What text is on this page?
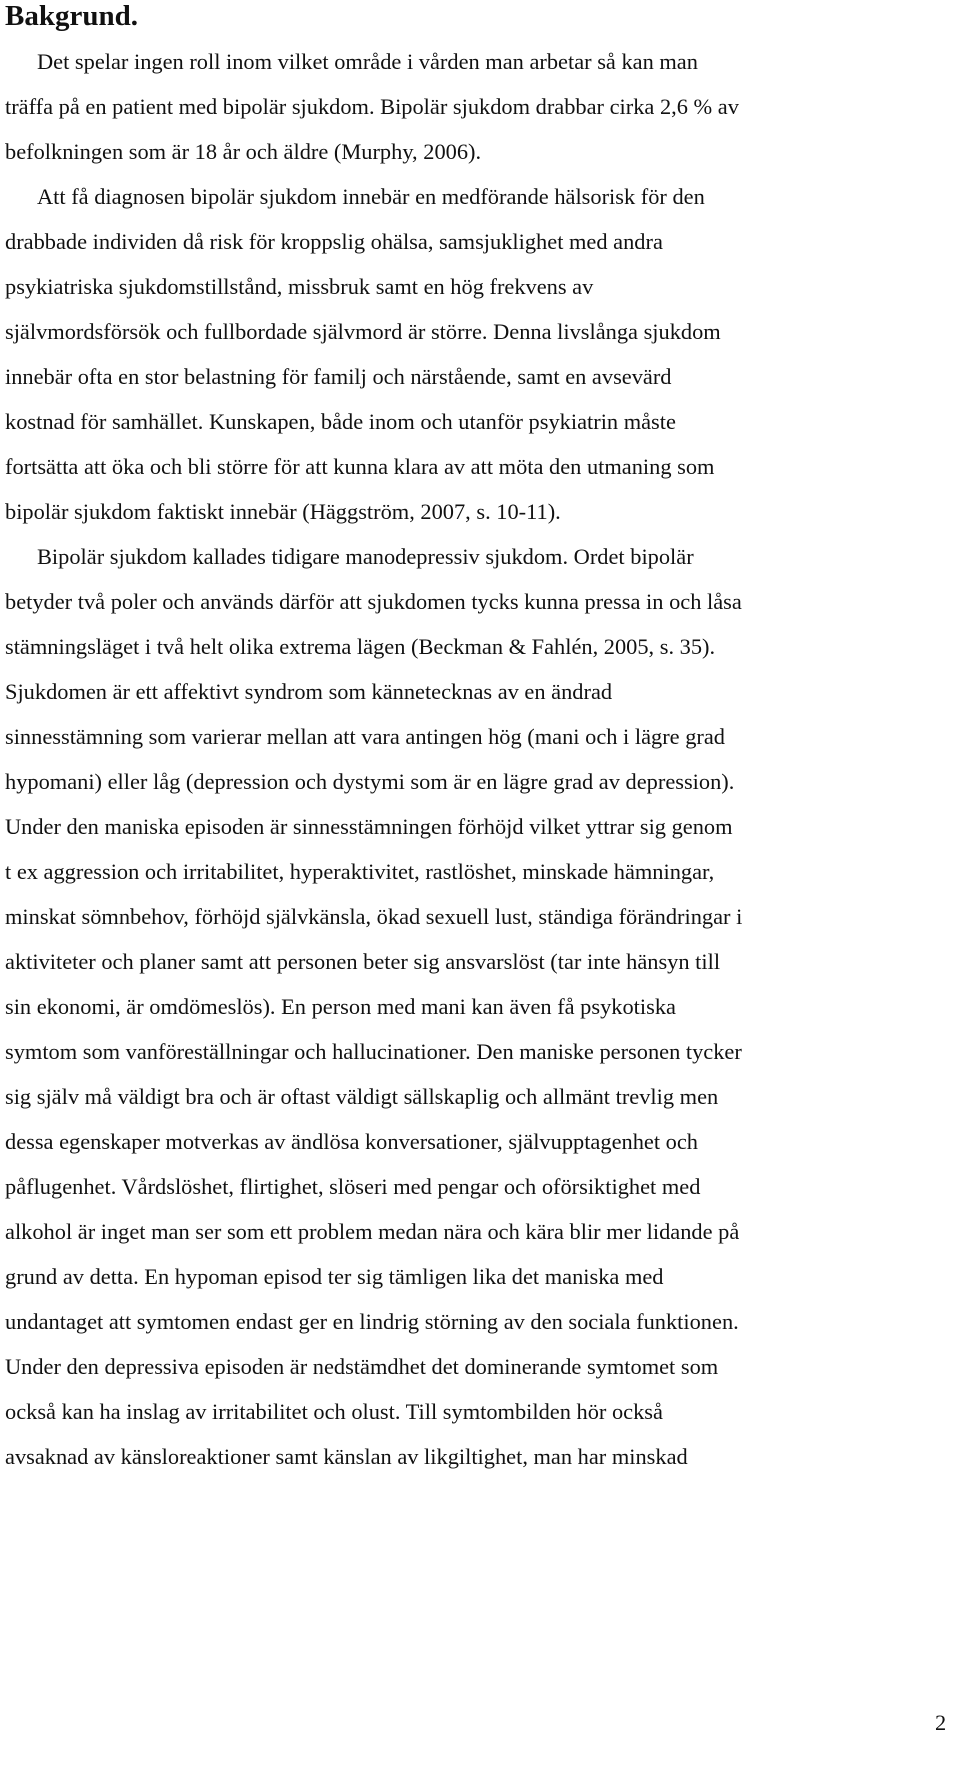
Bakgrund.

Det spelar ingen roll inom vilket område i vården man arbetar så kan man

träffa på en patient med bipolär sjukdom. Bipolär sjukdom drabbar cirka 2,6 % av

befolkningen som är 18 år och äldre (Murphy, 2006).

Att få diagnosen bipolär sjukdom innebär en medförande hälsorisk för den

drabbade individen då risk för kroppslig ohälsa, samsjuklighet med andra

psykiatriska sjukdomstillstånd, missbruk samt en hög frekvens av

självmordsförsök och fullbordade självmord är större. Denna livslånga sjukdom

innebär ofta en stor belastning för familj och närstående, samt en avsevärd

kostnad för samhället. Kunskapen, både inom och utanför psykiatrin måste

fortsätta att öka och bli större för att kunna klara av att möta den utmaning som

bipolär sjukdom faktiskt innebär (Häggström, 2007, s. 10-11).

Bipolär sjukdom kallades tidigare manodepressiv sjukdom. Ordet bipolär

betyder två poler och används därför att sjukdomen tycks kunna pressa in och låsa

stämningsläget i två helt olika extrema lägen (Beckman & Fahlén, 2005, s. 35).

Sjukdomen är ett affektivt syndrom som kännetecknas av en ändrad

sinnesstämning som varierar mellan att vara antingen hög (mani och i lägre grad

hypomani) eller låg (depression och dystymi som är en lägre grad av depression).

Under den maniska episoden är sinnesstämningen förhöjd vilket yttrar sig genom

t ex aggression och irritabilitet, hyperaktivitet, rastlöshet, minskade hämningar,

minskat sömnbehov, förhöjd självkänsla, ökad sexuell lust, ständiga förändringar i

aktiviteter och planer samt att personen beter sig ansvarslöst (tar inte hänsyn till

sin ekonomi, är omdömeslös). En person med mani kan även få psykotiska

symtom som vanföreställningar och hallucinationer. Den maniske personen tycker

sig själv må väldigt bra och är oftast väldigt sällskaplig och allmänt trevlig men

dessa egenskaper motverkas av ändlösa konversationer, självupptagenhet och

påflugenhet. Vårdslöshet, flirtighet, slöseri med pengar och oförsiktighet med

alkohol är inget man ser som ett problem medan nära och kära blir mer lidande på

grund av detta. En hypoman episod ter sig tämligen lika det maniska med

undantaget att symtomen endast ger en lindrig störning av den sociala funktionen.

Under den depressiva episoden är nedstämdhet det dominerande symtomet som

också kan ha inslag av irritabilitet och olust. Till symtombilden hör också

avsaknad av känsloreaktioner samt känslan av likgiltighet, man har minskad

2
